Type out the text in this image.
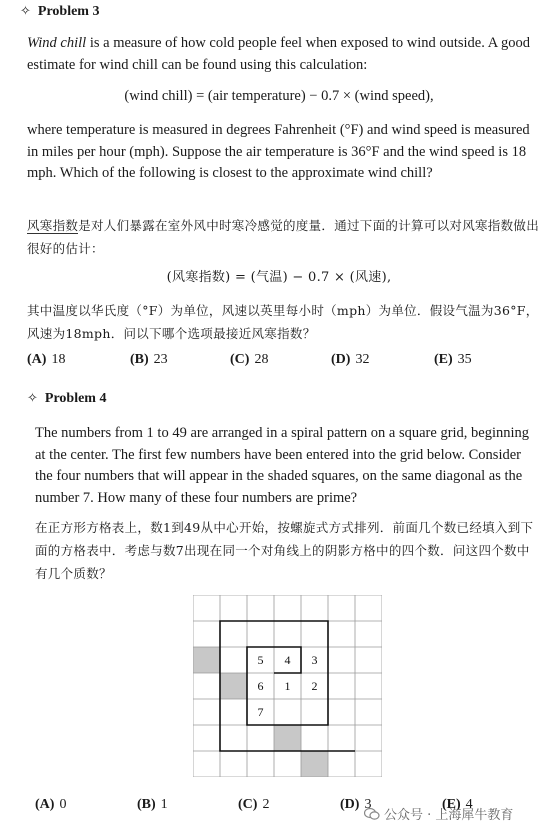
✧ Problem 3
Wind chill is a measure of how cold people feel when exposed to wind outside. A good estimate for wind chill can be found using this calculation:
(wind chill) = (air temperature) − 0.7 × (wind speed),
where temperature is measured in degrees Fahrenheit (°F) and wind speed is measured in miles per hour (mph). Suppose the air temperature is 36°F and the wind speed is 18 mph. Which of the following is closest to the approximate wind chill?
风寒指数是对人们暴露在室外风中时寒冷感觉的度量．通过下面的计算可以对风寒指数做出很好的估计：
(风寒指数) = (气温) − 0.7 × (风速),
其中温度以华氏度（°F）为单位，风速以英里每小时（mph）为单位．假设气温为36°F，风速为18mph．问以下哪个选项最接近风寒指数？
(A) 18	(B) 23	(C) 28	(D) 32	(E) 35
✧ Problem 4
The numbers from 1 to 49 are arranged in a spiral pattern on a square grid, beginning at the center. The first few numbers have been entered into the grid below. Consider the four numbers that will appear in the shaded squares, on the same diagonal as the number 7. How many of these four numbers are prime?
在正方形方格表上，数1到49从中心开始，按螺旋式方式排列．前面几个数已经填入到下面的方格表中．考虑与数7出现在同一个对角线上的阴影方格中的四个数．问这四个数中有几个质数？
5 4 3
6 1 2
7
(A) 0	(B) 1	(C) 2	(D) 3	(E) 4
公众号 · 上海犀牛教育
